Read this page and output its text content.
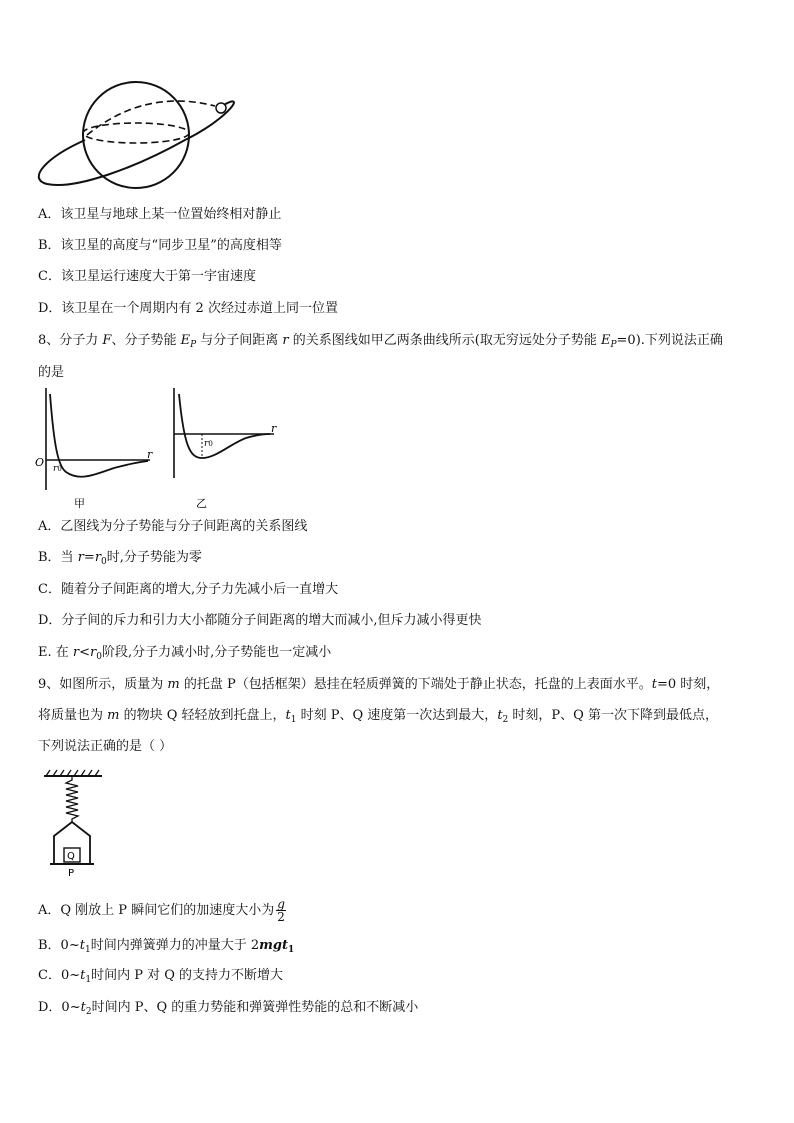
A．该卫星与地球上某一位置始终相对静止
B．该卫星的高度与“同步卫星”的高度相等
C．该卫星运行速度大于第一宇宙速度
D．该卫星在一个周期内有 2 次经过赤道上同一位置
8、分子力 F、分子势能 $E_P$ 与分子间距离 r 的关系图线如甲乙两条曲线所示(取无穷远处分子势能 $E_P=0$).下列说法正确
的是
O r0
r
甲
r0
r
乙
A．乙图线为分子势能与分子间距离的关系图线
B．当 $r=r_0$时,分子势能为零
C．随着分子间距离的增大,分子力先减小后一直增大
D．分子间的斥力和引力大小都随分子间距离的增大而减小,但斥力减小得更快
E. 在 $r<r_0$阶段,分子力减小时,分子势能也一定减小
9、如图所示，质量为 m 的托盘 P（包括框架）悬挂在轻质弹簧的下端处于静止状态，托盘的上表面水平。t=0 时刻，
将质量也为 m 的物块 Q 轻轻放到托盘上，$t_1$ 时刻 P、Q 速度第一次达到最大，$t_2$ 时刻，P、Q 第一次下降到最低点，
下列说法正确的是（ ）
Q
P
A．Q 刚放上 P 瞬间它们的加速度大小为 $\frac{g}{2}$
B．$0\sim t_1$时间内弹簧弹力的冲量大于 2mgt$_1$
C．$0\sim t_1$时间内 P 对 Q 的支持力不断增大
D．$0\sim t_2$时间内 P、Q 的重力势能和弹簧弹性势能的总和不断减小
